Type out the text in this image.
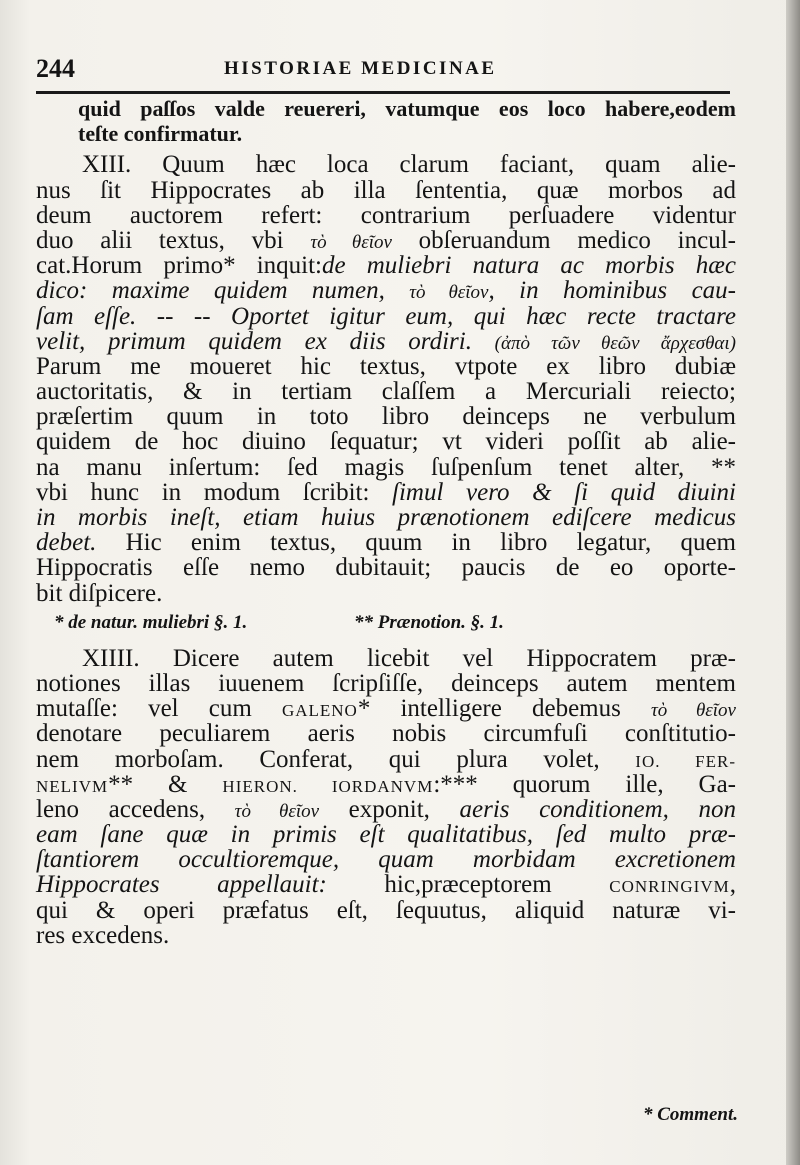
244	HISTORIAE MEDICINAE
quid paſſos valde reuereri, vatumque eos loco habere,eodem
teſte confirmatur.
XIII. Quum hæc loca clarum faciant, quam alie-
nus ſit Hippocrates ab illa ſententia, quæ morbos ad
deum auctorem refert: contrarium perſuadere videntur
duo alii textus, vbi τὸ θεῖον obſeruandum medico incul-
cat.Horum primo* inquit:de muliebri natura ac morbis hæc
dico: maxime quidem numen, τὸ θεῖον, in hominibus cau-
ſam eſſe. -- -- Oportet igitur eum, qui hæc recte tractare
velit, primum quidem ex diis ordiri. (ἀπὸ τῶν θεῶν ἄρχεσθαι)
Parum me moueret hic textus, vtpote ex libro dubiæ
auctoritatis, & in tertiam claſſem a Mercuriali reiecto;
præſertim quum in toto libro deinceps ne verbulum
quidem de hoc diuino ſequatur; vt videri poſſit ab alie-
na manu inſertum: ſed magis ſuſpenſum tenet alter, **
vbi hunc in modum ſcribit: ſimul vero & ſi quid diuini
in morbis ineſt, etiam huius prænotionem ediſcere medicus
debet. Hic enim textus, quum in libro legatur, quem
Hippocratis eſſe nemo dubitauit; paucis de eo oporte-
bit diſpicere.
* de natur. muliebri §. 1.	** Prænotion. §. 1.
XIIII. Dicere autem licebit vel Hippocratem præ-
notiones illas iuuenem ſcripſiſſe, deinceps autem mentem
mutaſſe: vel cum GALENO* intelligere debemus τὸ θεῖον
denotare peculiarem aeris nobis circumfuſi conſtitutio-
nem morboſam. Conferat, qui plura volet, IO. FER-
NELIVM** & HIERON. IORDANVM:*** quorum ille, Ga-
leno accedens, τὸ θεῖον exponit, aeris conditionem, non
eam ſane quæ in primis eſt qualitatibus, ſed multo præ-
ſtantiorem occultioremque, quam morbidam excretionem
Hippocrates appellauit: hic,præceptorem CONRINGIVM,
qui & operi præfatus eſt, ſequutus, aliquid naturæ vi-
res excedens.
* Comment.
